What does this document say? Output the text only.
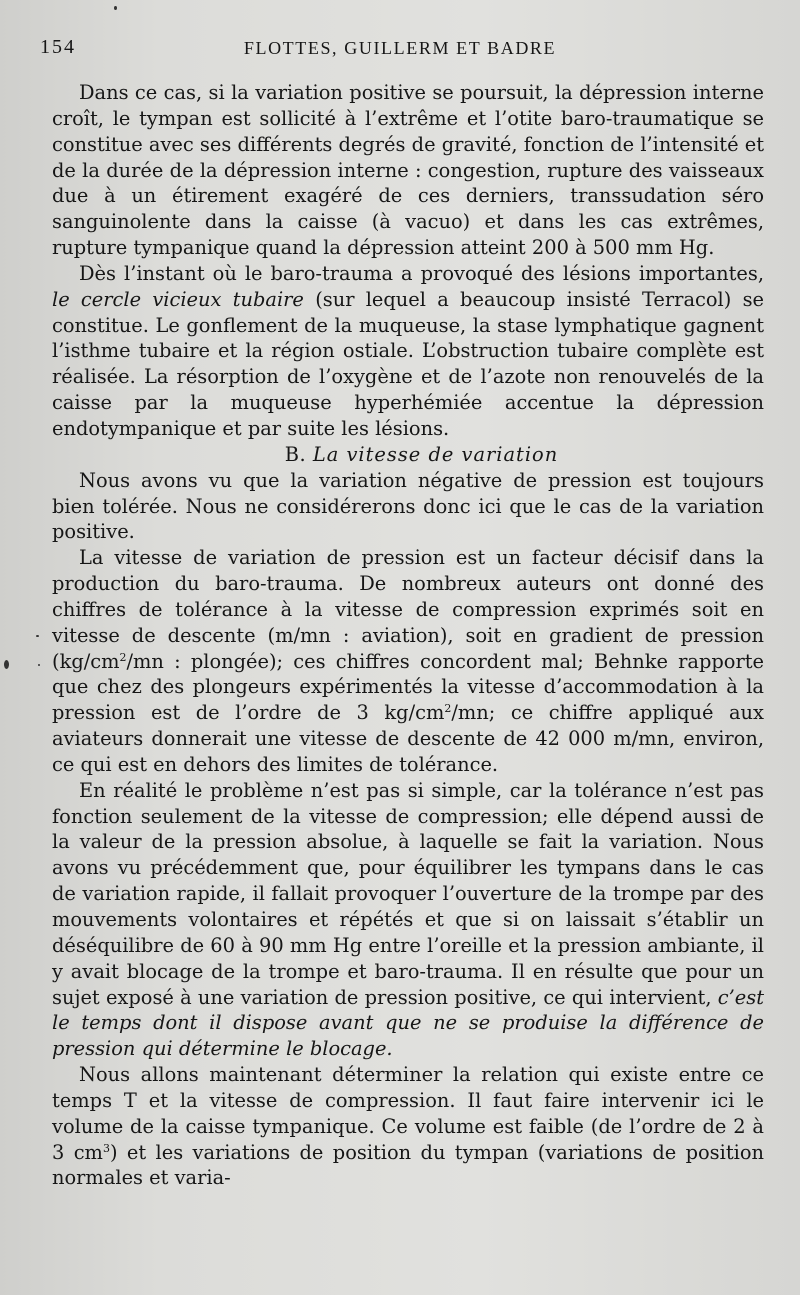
154	FLOTTES, GUILLERM ET BADRE

Dans ce cas, si la variation positive se poursuit, la dépression interne croît, le tympan est sollicité à l’extrême et l’otite baro-traumatique se constitue avec ses différents degrés de gravité, fonction de l’intensité et de la durée de la dépression interne : congestion, rupture des vaisseaux due à un étirement exagéré de ces derniers, transsudation séro sanguinolente dans la caisse (à vacuo) et dans les cas extrêmes, rupture tympanique quand la dépression atteint 200 à 500 mm Hg.

Dès l’instant où le baro-trauma a provoqué des lésions importantes, le cercle vicieux tubaire (sur lequel a beaucoup insisté Terracol) se constitue. Le gonflement de la muqueuse, la stase lymphatique gagnent l’isthme tubaire et la région ostiale. L’obstruction tubaire complète est réalisée. La résorption de l’oxygène et de l’azote non renouvelés de la caisse par la muqueuse hyperhémiée accentue la dépression endotympanique et par suite les lésions.

B. La vitesse de variation

Nous avons vu que la variation négative de pression est toujours bien tolérée. Nous ne considérerons donc ici que le cas de la variation positive.

La vitesse de variation de pression est un facteur décisif dans la production du baro-trauma. De nombreux auteurs ont donné des chiffres de tolérance à la vitesse de compression exprimés soit en vitesse de descente (m/mn : aviation), soit en gradient de pression ($kg/cm^2/mn$ : plongée); ces chiffres concordent mal; Behnke rapporte que chez des plongeurs expérimentés la vitesse d’accommodation à la pression est de l’ordre de 3 $kg/cm^2/mn$; ce chiffre appliqué aux aviateurs donnerait une vitesse de descente de 42 000 m/mn, environ, ce qui est en dehors des limites de tolérance.

En réalité le problème n’est pas si simple, car la tolérance n’est pas fonction seulement de la vitesse de compression; elle dépend aussi de la valeur de la pression absolue, à laquelle se fait la variation. Nous avons vu précédemment que, pour équilibrer les tympans dans le cas de variation rapide, il fallait provoquer l’ouverture de la trompe par des mouvements volontaires et répétés et que si on laissait s’établir un déséquilibre de 60 à 90 mm Hg entre l’oreille et la pression ambiante, il y avait blocage de la trompe et baro-trauma. Il en résulte que pour un sujet exposé à une variation de pression positive, ce qui intervient, c’est le temps dont il dispose avant que ne se produise la différence de pression qui détermine le blocage.

Nous allons maintenant déterminer la relation qui existe entre ce temps T et la vitesse de compression. Il faut faire intervenir ici le volume de la caisse tympanique. Ce volume est faible (de l’ordre de 2 à 3 $cm^3$) et les variations de position du tympan (variations de position normales et varia-
